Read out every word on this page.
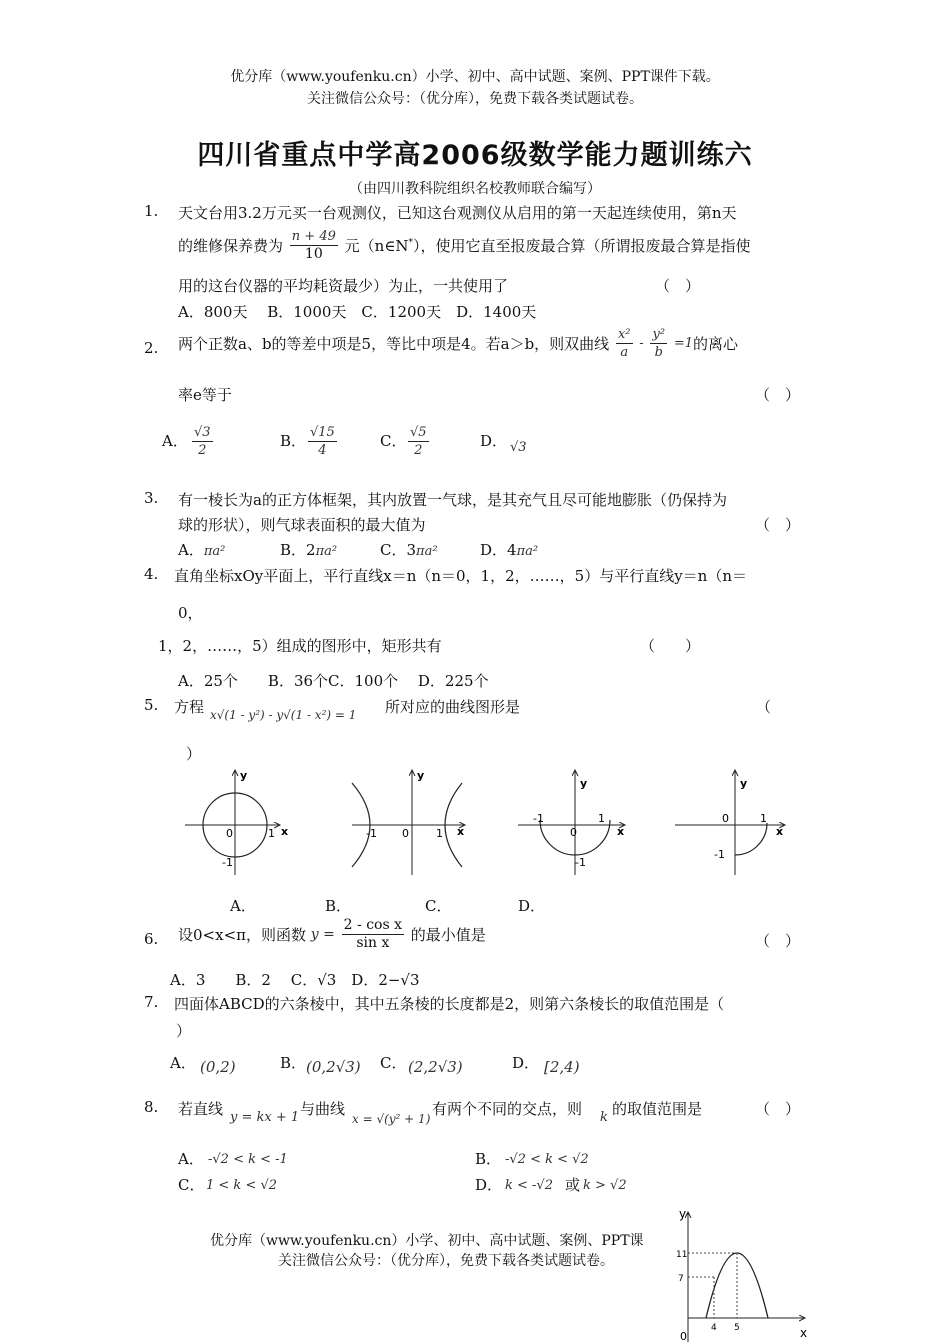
优分库（www.youfenku.cn）小学、初中、高中试题、案例、PPT课件下载。
关注微信公众号：（优分库），免费下载各类试题试卷。
四川省重点中学高2006级数学能力题训练六
（由四川教科院组织名校教师联合编写）
1. 天文台用3.2万元买一台观测仪，已知这台观测仪从启用的第一天起连续使用，第n天
的维修保养费为 $\frac{n + 49}{10}$ 元（n∈N*），使用它直至报废最合算（所谓报废最合算是指使
用的这台仪器的平均耗资最少）为止，一共使用了	（　）
A．800天　 B．1000天　C．1200天　D．1400天
2. 两个正数a、b的等差中项是5，等比中项是4。若a＞b，则双曲线 $\frac{\text{x²}}{a} - \frac{\text{y²}}{b} =1$的离心
率e等于	（　）
A． $\frac{√3}{2}$	B． $\frac{√15}{4}$	C． $\frac{√5}{2}$	D． √3
3. 有一棱长为a的正方体框架，其内放置一气球，是其充气且尽可能地膨胀（仍保持为
球的形状），则气球表面积的最大值为	（　）
A．πa²	B．2πa²	C．3πa²	D．4πa²
4. 直角坐标xOy平面上，平行直线x＝n（n＝0，1，2，……，5）与平行直线y＝n（n＝
0，
1，2，……，5）组成的图形中，矩形共有	（　　）
A．25个　　B．36个C．100个　 D．225个
5. 方程 x√(1 - y²) - y√(1 - x²) = 1 所对应的曲线图形是	（
）
y
x
0	1
-1
y
x
0
-1	1
y
x
-1
0
1
-1
y
x
0	1
-1
A．	B．	C．	D．
6. 设0<x<π，则函数 $y = \frac{\text{2 - cos x}}{\text{sin x}}$ 的最小值是	（　）
A．3　　B．2　 C．√3　D．2−√3
7. 四面体ABCD的六条棱中，其中五条棱的长度都是2，则第六条棱长的取值范围是（
）
A． (0,2)	B． (0,2√3) C． (2,2√3)	D． [2,4)
8. 若直线 y = kx + 1 与曲线
x = √(y² + 1)
有两个不同的交点，则 k 的取值范围是	（　）
A． -√2 < k < -1	B． -√2 < k < √2
C． 1 < k < √2	D． k < -√2 或 k > √2
优分库（www.youfenku.cn）小学、初中、高中试题、案例、PPT课
关注微信公众号：（优分库），免费下载各类试题试卷。
y
x
11
7
0
4 5
